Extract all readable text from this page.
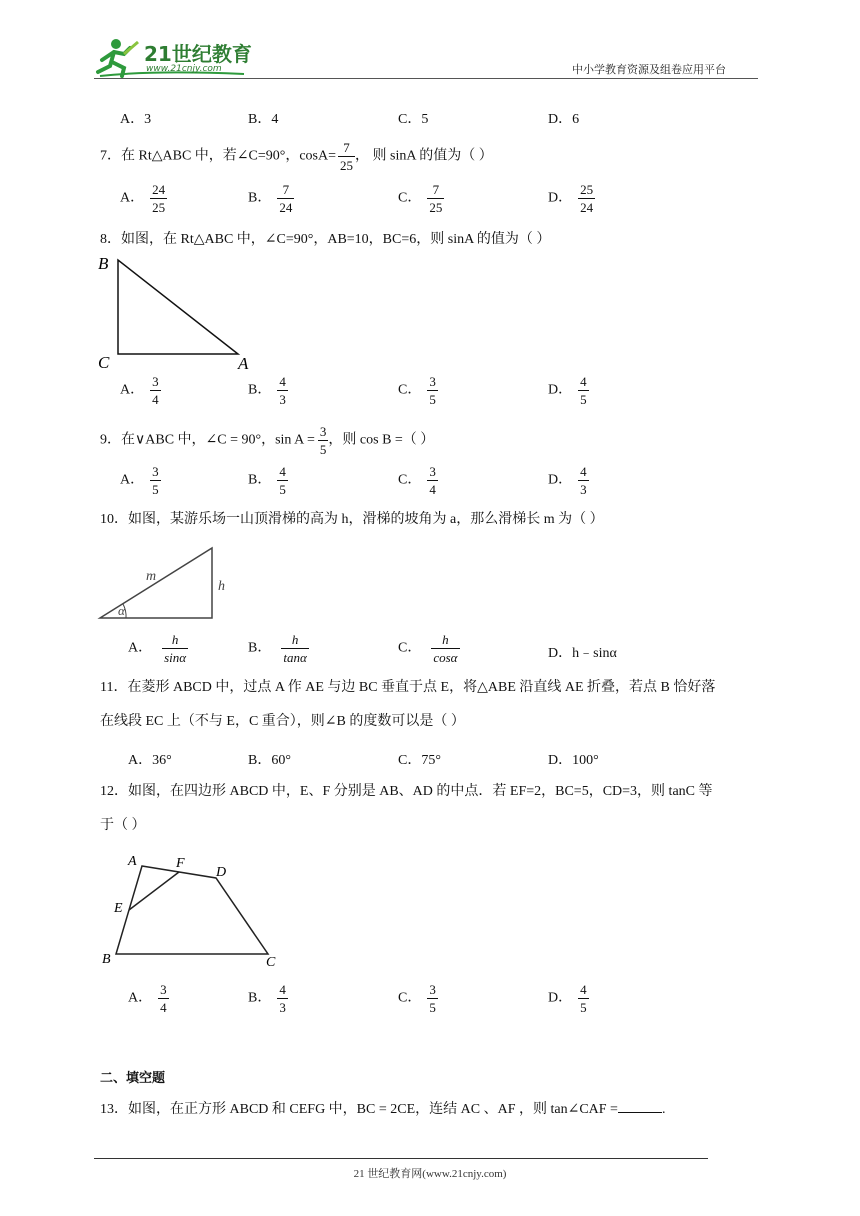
21世纪教育
www.21cnjy.com	中小学教育资源及组卷应用平台
A．3	B．4	C．5	D．6
7．在 Rt△ABC 中，若∠C=90°，$\cos A= \frac{7}{25}$ ， 则 sinA 的值为（ ）
A． $\frac{24}{25}$	B． $\frac{7}{24}$	C． $\frac{7}{25}$	D． $\frac{25}{24}$
8．如图，在 Rt△ABC 中，∠C=90°，AB=10，BC=6，则 sinA 的值为（ ）
B
C	A
A． $\frac{3}{4}$	B． $\frac{4}{3}$	C． $\frac{3}{5}$	D． $\frac{4}{5}$
9．在∨ABC 中，∠C = 90°，$\sin A = \frac{3}{5}$ ，则 cos B =（ ）
A． $\frac{3}{5}$	B． $\frac{4}{5}$	C． $\frac{3}{4}$	D． $\frac{4}{3}$
10．如图，某游乐场一山顶滑梯的高为 h，滑梯的坡角为 a，那么滑梯长 m 为（ ）
m
h
α
A． $\frac{h}{\sin\alpha}$	B． $\frac{h}{\tan\alpha}$	C． $\frac{h}{\cos\alpha}$	D．h﹣sinα
11．在菱形 ABCD 中，过点 A 作 AE 与边 BC 垂直于点 E，将△ABE 沿直线 AE 折叠，若点 B 恰好落
在线段 EC 上（不与 E，C 重合），则∠B 的度数可以是（ ）
A．36°	B．60°	C．75°	D．100°
12．如图，在四边形 ABCD 中，E、F 分别是 AB、AD 的中点．若 EF=2，BC=5，CD=3，则 tanC 等
于（ ）
A	F
D
E
B	C
A． $\frac{3}{4}$	B． $\frac{4}{3}$	C． $\frac{3}{5}$	D． $\frac{4}{5}$
二、填空题
13．如图，在正方形 ABCD 和 CEFG 中，BC = 2CE，连结 AC 、AF ，则 tan∠CAF =	.
21 世纪教育网(www.21cnjy.com)
